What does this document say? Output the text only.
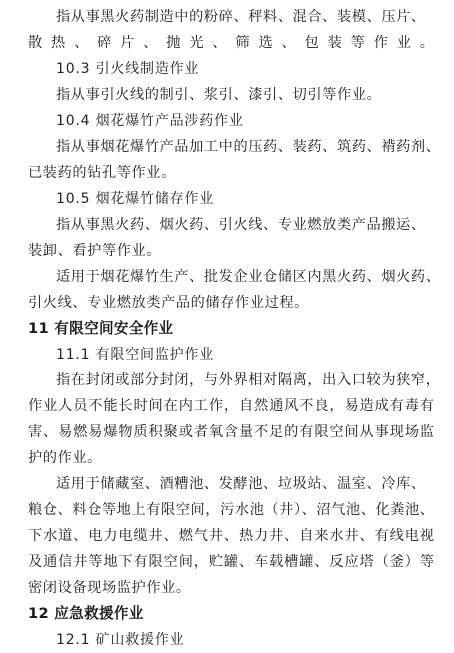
指从事黑火药制造中的粉碎、秤料、混合、装模、压片、
散热、碎片、抛光、筛选、包装等作业。
10.3 引火线制造作业
指从事引火线的制引、浆引、漆引、切引等作业。
10.4 烟花爆竹产品涉药作业
指从事烟花爆竹产品加工中的压药、装药、筑药、褙药剂、
已装药的钻孔等作业。
10.5 烟花爆竹储存作业
指从事黑火药、烟火药、引火线、专业燃放类产品搬运、
装卸、看护等作业。
适用于烟花爆竹生产、批发企业仓储区内黑火药、烟火药、
引火线、专业燃放类产品的储存作业过程。
11 有限空间安全作业
11.1 有限空间监护作业
指在封闭或部分封闭，与外界相对隔离，出入口较为狭窄，
作业人员不能长时间在内工作，自然通风不良，易造成有毒有
害、易燃易爆物质积聚或者氧含量不足的有限空间从事现场监
护的作业。
适用于储藏室、酒糟池、发酵池、垃圾站、温室、冷库、
粮仓、料仓等地上有限空间，污水池（井）、沼气池、化粪池、
下水道、电力电缆井、燃气井、热力井、自来水井、有线电视
及通信井等地下有限空间，贮罐、车载槽罐、反应塔（釜）等
密闭设备现场监护作业。
12 应急救援作业
12.1 矿山救援作业
